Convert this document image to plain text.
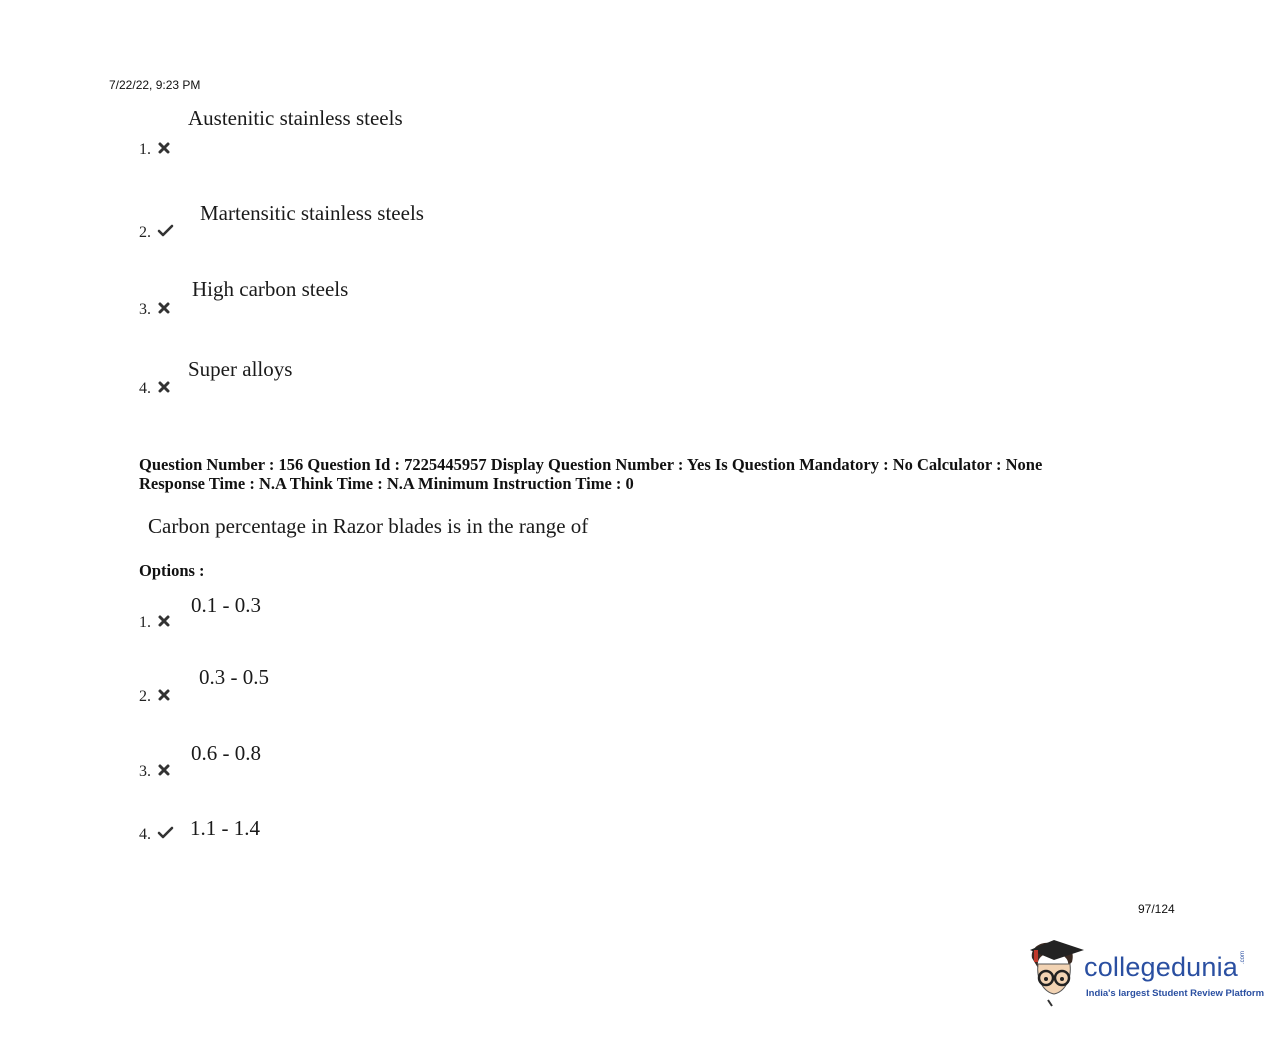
7/22/22, 9:23 PM
Austenitic stainless steels
1.
Martensitic stainless steels
2.
High carbon steels
3.
Super alloys
4.
Question Number : 156 Question Id : 7225445957 Display Question Number : Yes Is Question Mandatory : No Calculator : None
Response Time : N.A Think Time : N.A Minimum Instruction Time : 0
Carbon percentage in Razor blades is in the range of
Options :
0.1 - 0.3
1.
0.3 - 0.5
2.
0.6 - 0.8
3.
4.	1.1 - 1.4
97/124
collegedunia .com
India's largest Student Review Platform
